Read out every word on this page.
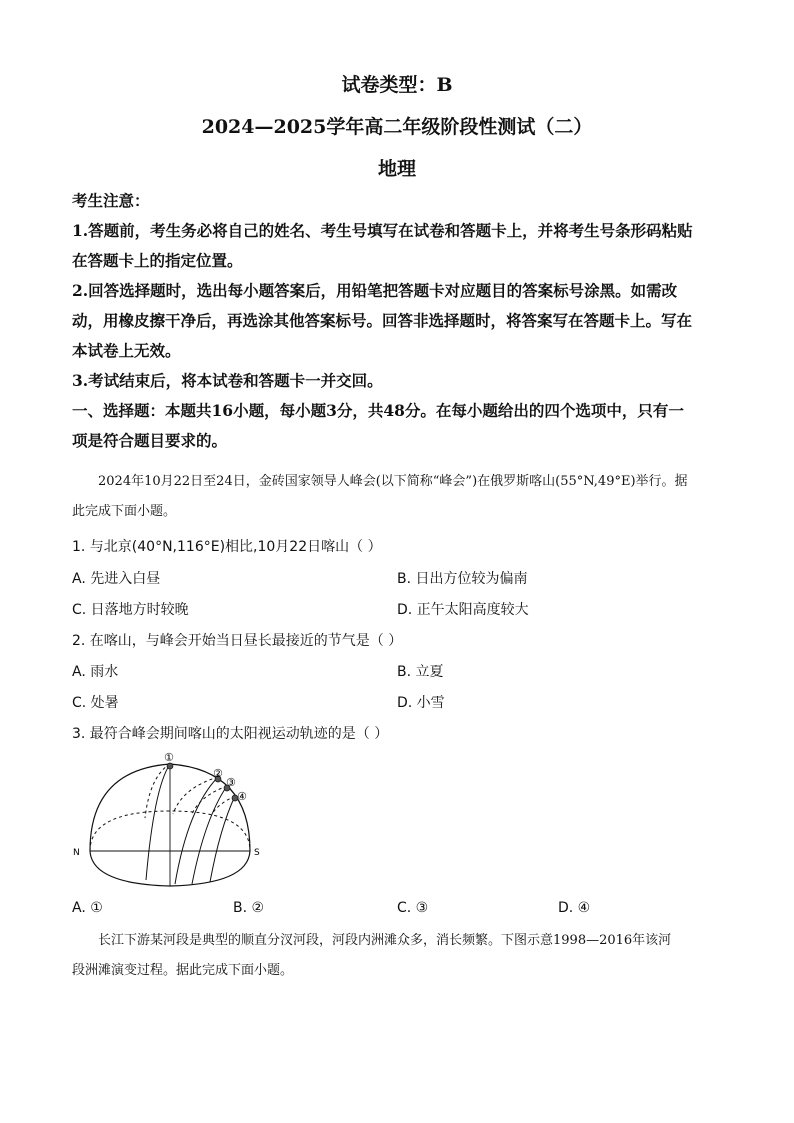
试卷类型：B
2024—2025学年高二年级阶段性测试（二）
地理
考生注意：
1.答题前，考生务必将自己的姓名、考生号填写在试卷和答题卡上，并将考生号条形码粘贴
在答题卡上的指定位置。
2.回答选择题时，选出每小题答案后，用铅笔把答题卡对应题目的答案标号涂黑。如需改
动，用橡皮擦干净后，再选涂其他答案标号。回答非选择题时，将答案写在答题卡上。写在
本试卷上无效。
3.考试结束后，将本试卷和答题卡一并交回。
一、选择题：本题共16小题，每小题3分，共48分。在每小题给出的四个选项中，只有一
项是符合题目要求的。
2024年10月22日至24日，金砖国家领导人峰会(以下简称“峰会”)在俄罗斯喀山(55°N,49°E)举行。据
此完成下面小题。
1. 与北京(40°N,116°E)相比,10月22日喀山（ ）
A. 先进入白昼	B. 日出方位较为偏南
C. 日落地方时较晚	D. 正午太阳高度较大
2. 在喀山，与峰会开始当日昼长最接近的节气是（ ）
A. 雨水	B. 立夏
C. 处暑	D. 小雪
3. 最符合峰会期间喀山的太阳视运动轨迹的是（ ）
N	S
①
②
③
④
A. ①	B. ②	C. ③	D. ④
长江下游某河段是典型的顺直分汊河段，河段内洲滩众多，消长频繁。下图示意1998—2016年该河
段洲滩演变过程。据此完成下面小题。
